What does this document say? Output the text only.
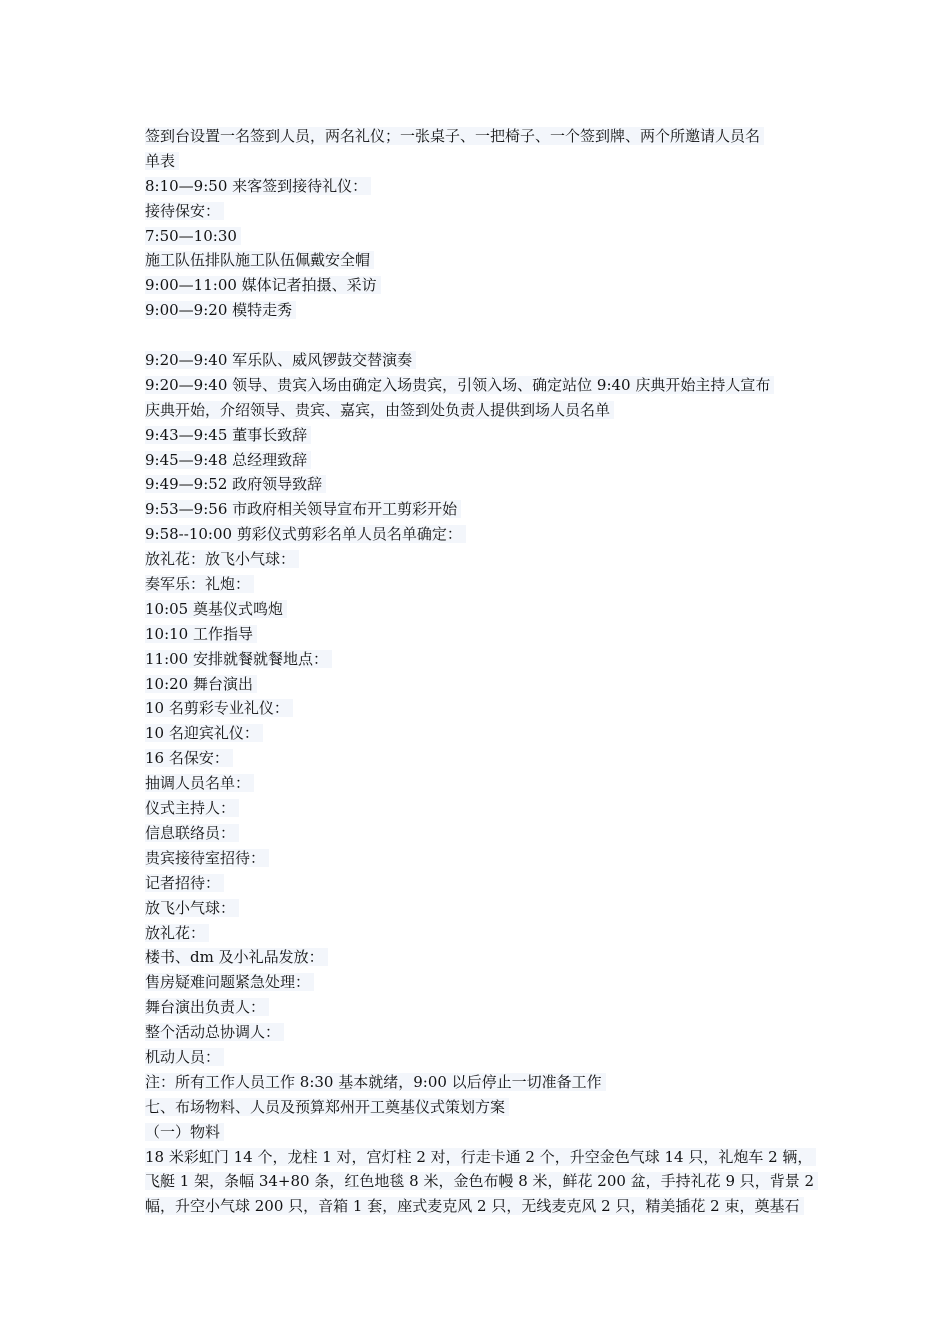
签到台设置一名签到人员，两名礼仪；一张桌子、一把椅子、一个签到牌、两个所邀请人员名
单表
8:10—9:50 来客签到接待礼仪：
接待保安：
7:50—10:30
施工队伍排队施工队伍佩戴安全帽
9:00—11:00 媒体记者拍摄、采访
9:00—9:20 模特走秀
9:20—9:40 军乐队、威风锣鼓交替演奏
9:20—9:40 领导、贵宾入场由确定入场贵宾，引领入场、确定站位 9:40 庆典开始主持人宣布
庆典开始，介绍领导、贵宾、嘉宾，由签到处负责人提供到场人员名单
9:43—9:45 董事长致辞
9:45—9:48 总经理致辞
9:49—9:52 政府领导致辞
9:53—9:56 市政府相关领导宣布开工剪彩开始
9:58--10:00 剪彩仪式剪彩名单人员名单确定：
放礼花：放飞小气球：
奏军乐：礼炮：
10:05 奠基仪式鸣炮
10:10 工作指导
11:00 安排就餐就餐地点：
10:20 舞台演出
10 名剪彩专业礼仪：
10 名迎宾礼仪：
16 名保安：
抽调人员名单：
仪式主持人：
信息联络员：
贵宾接待室招待：
记者招待：
放飞小气球：
放礼花：
楼书、dm 及小礼品发放：
售房疑难问题紧急处理：
舞台演出负责人：
整个活动总协调人：
机动人员：
注：所有工作人员工作 8:30 基本就绪，9:00 以后停止一切准备工作
七、布场物料、人员及预算郑州开工奠基仪式策划方案
（一）物料
18 米彩虹门 14 个，龙柱 1 对，宫灯柱 2 对，行走卡通 2 个，升空金色气球 14 只，礼炮车 2 辆，
飞艇 1 架，条幅 34+80 条，红色地毯 8 米，金色布幔 8 米，鲜花 200 盆，手持礼花 9 只，背景 2
幅，升空小气球 200 只，音箱 1 套，座式麦克风 2 只，无线麦克风 2 只，精美插花 2 束，奠基石
